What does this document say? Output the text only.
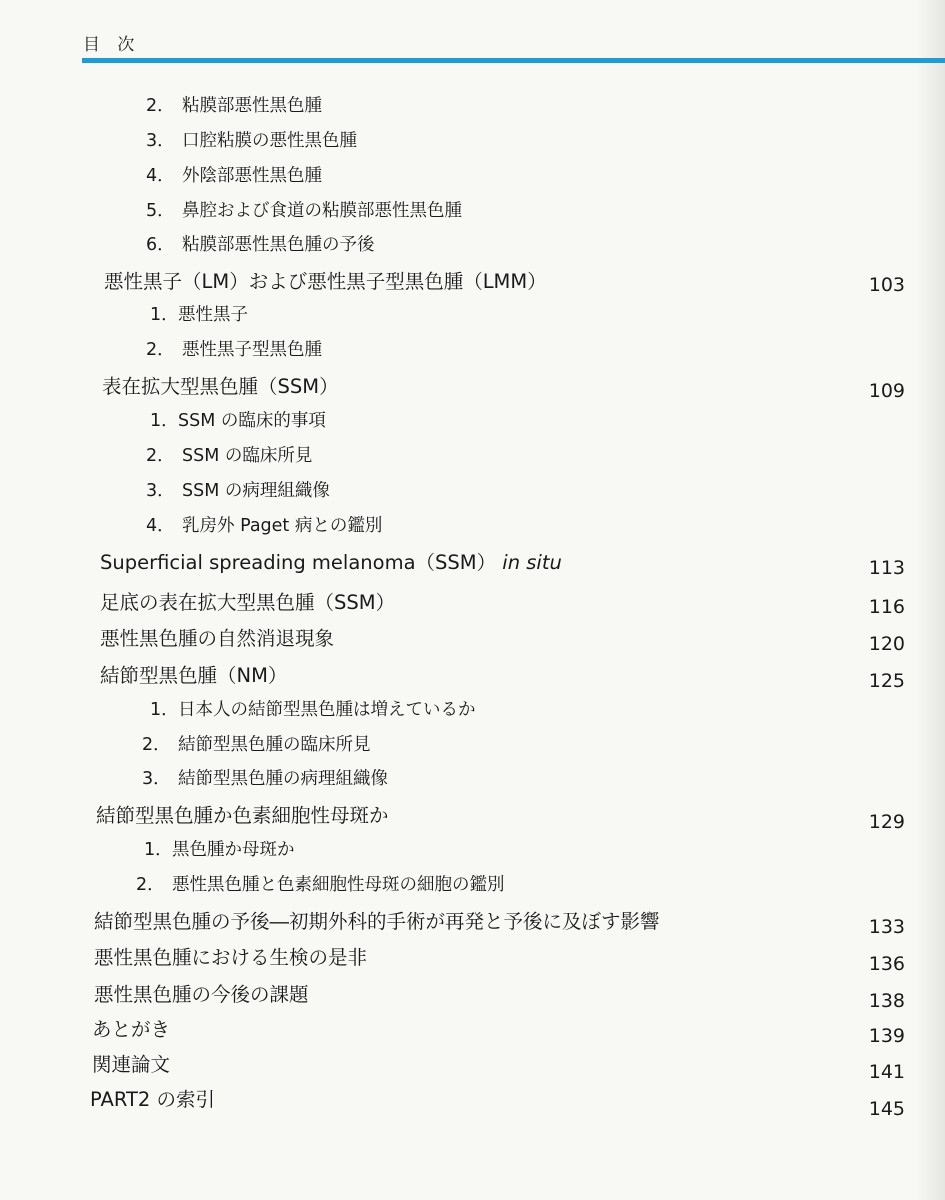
目 次
2． 粘膜部悪性黒色腫
3． 口腔粘膜の悪性黒色腫
4． 外陰部悪性黒色腫
5． 鼻腔および食道の粘膜部悪性黒色腫
6． 粘膜部悪性黒色腫の予後
悪性黒子（LM）および悪性黒子型黒色腫（LMM）	103
1．悪性黒子
2． 悪性黒子型黒色腫
表在拡大型黒色腫（SSM）	109
1．SSM の臨床的事項
2． SSM の臨床所見
3． SSM の病理組織像
4． 乳房外 Paget 病との鑑別
Superficial spreading melanoma（SSM） in situ	113
足底の表在拡大型黒色腫（SSM）	116
悪性黒色腫の自然消退現象	120
結節型黒色腫（NM）	125
1．日本人の結節型黒色腫は増えているか
2． 結節型黒色腫の臨床所見
3． 結節型黒色腫の病理組織像
結節型黒色腫か色素細胞性母斑か	129
1．黒色腫か母斑か
2． 悪性黒色腫と色素細胞性母斑の細胞の鑑別
結節型黒色腫の予後―初期外科的手術が再発と予後に及ぼす影響	133
悪性黒色腫における生検の是非	136
悪性黒色腫の今後の課題	138
あとがき	139
関連論文	141
PART2 の索引	145
